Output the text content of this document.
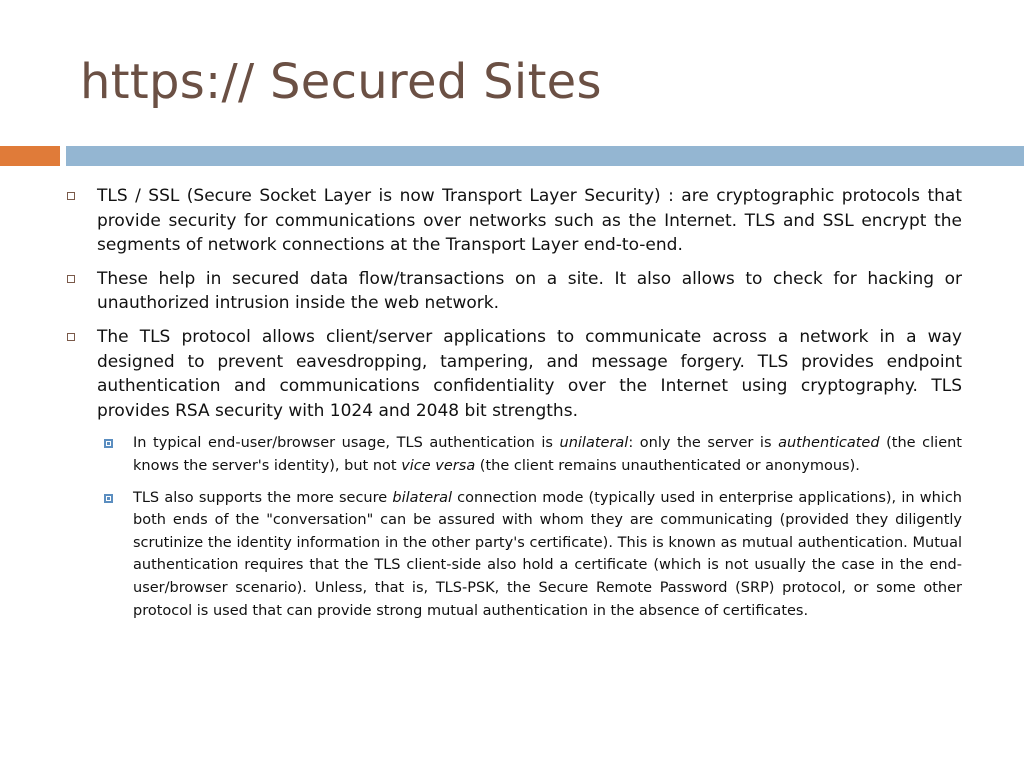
https:// Secured Sites

TLS / SSL (Secure Socket Layer is now Transport Layer Security) : are cryptographic protocols that provide security for communications over networks such as the Internet. TLS and SSL encrypt the segments of network connections at the Transport Layer end-to-end.

These help in secured data flow/transactions on a site. It also allows to check for hacking or unauthorized intrusion inside the web network.

The TLS protocol allows client/server applications to communicate across a network in a way designed to prevent eavesdropping, tampering, and message forgery. TLS provides endpoint authentication and communications confidentiality over the Internet using cryptography. TLS provides RSA security with 1024 and 2048 bit strengths.

In typical end-user/browser usage, TLS authentication is unilateral: only the server is authenticated (the client knows the server's identity), but not vice versa (the client remains unauthenticated or anonymous).

TLS also supports the more secure bilateral connection mode (typically used in enterprise applications), in which both ends of the "conversation" can be assured with whom they are communicating (provided they diligently scrutinize the identity information in the other party's certificate). This is known as mutual authentication. Mutual authentication requires that the TLS client-side also hold a certificate (which is not usually the case in the end-user/browser scenario). Unless, that is, TLS-PSK, the Secure Remote Password (SRP) protocol, or some other protocol is used that can provide strong mutual authentication in the absence of certificates.
